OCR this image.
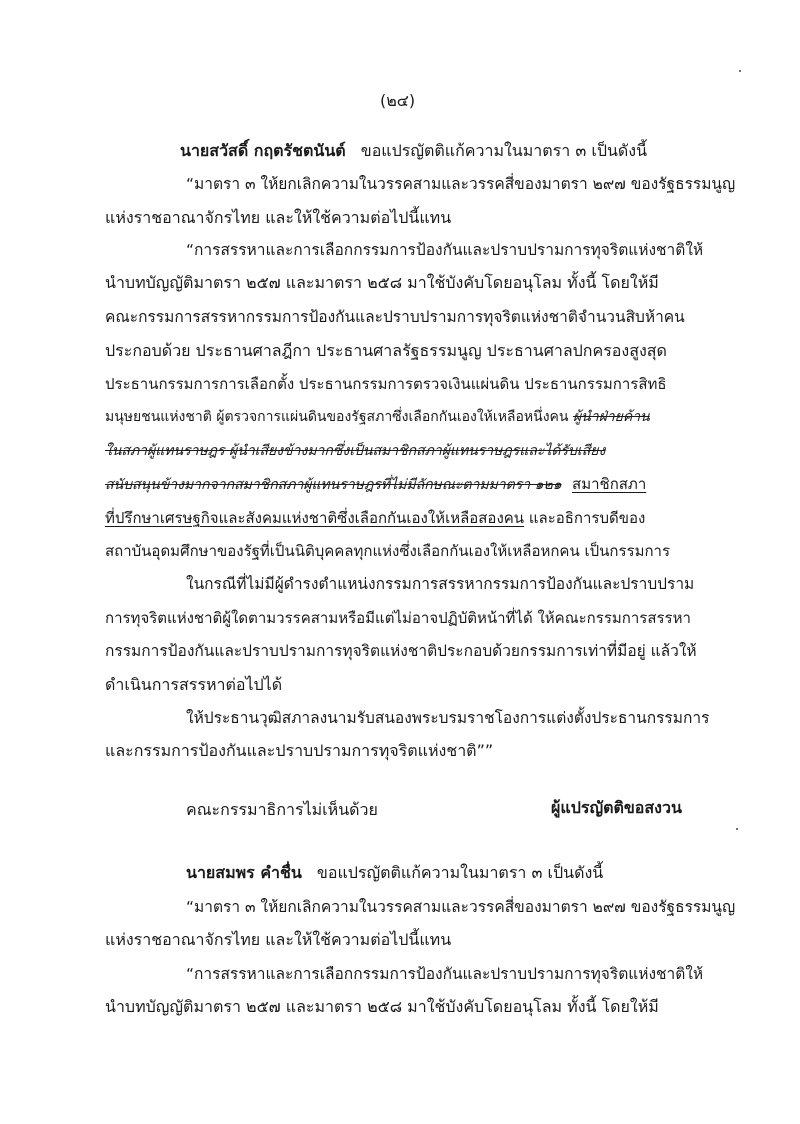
(๒๔)
นายสวัสดิ์ กฤตรัชตนันต์ ขอแปรญัตติแก้ความในมาตรา ๓ เป็นดังนี้
“มาตรา ๓ ให้ยกเลิกความในวรรคสามและวรรคสี่ของมาตรา ๒๙๗ ของรัฐธรรมนูญ
แห่งราชอาณาจักรไทย และให้ใช้ความต่อไปนี้แทน
“การสรรหาและการเลือกกรรมการป้องกันและปราบปรามการทุจริตแห่งชาติให้
นำบทบัญญัติมาตรา ๒๕๗ และมาตรา ๒๕๘ มาใช้บังคับโดยอนุโลม ทั้งนี้ โดยให้มี
คณะกรรมการสรรหากรรมการป้องกันและปราบปรามการทุจริตแห่งชาติจำนวนสิบห้าคน
ประกอบด้วย ประธานศาลฎีกา ประธานศาลรัฐธรรมนูญ ประธานศาลปกครองสูงสุด
ประธานกรรมการการเลือกตั้ง ประธานกรรมการตรวจเงินแผ่นดิน ประธานกรรมการสิทธิ
มนุษยชนแห่งชาติ ผู้ตรวจการแผ่นดินของรัฐสภาซึ่งเลือกกันเองให้เหลือหนึ่งคน ผู้นำฝ่ายค้าน
ในสภาผู้แทนราษฎร ผู้นำเสียงข้างมากซึ่งเป็นสมาชิกสภาผู้แทนราษฎรและได้รับเสียง
สนับสนุนข้างมากจากสมาชิกสภาผู้แทนราษฎรที่ไม่มีลักษณะตามมาตรา ๑๒๑ สมาชิกสภา
ที่ปรึกษาเศรษฐกิจและสังคมแห่งชาติซึ่งเลือกกันเองให้เหลือสองคน และอธิการบดีของ
สถาบันอุดมศึกษาของรัฐที่เป็นนิติบุคคลทุกแห่งซึ่งเลือกกันเองให้เหลือหกคน เป็นกรรมการ
ในกรณีที่ไม่มีผู้ดำรงตำแหน่งกรรมการสรรหากรรมการป้องกันและปราบปราม
การทุจริตแห่งชาติผู้ใดตามวรรคสามหรือมีแต่ไม่อาจปฏิบัติหน้าที่ได้ ให้คณะกรรมการสรรหา
กรรมการป้องกันและปราบปรามการทุจริตแห่งชาติประกอบด้วยกรรมการเท่าที่มีอยู่ แล้วให้
ดำเนินการสรรหาต่อไปได้
ให้ประธานวุฒิสภาลงนามรับสนองพระบรมราชโองการแต่งตั้งประธานกรรมการ
และกรรมการป้องกันและปราบปรามการทุจริตแห่งชาติ””
คณะกรรมาธิการไม่เห็นด้วย	ผู้แปรญัตติขอสงวน
นายสมพร คำชื่น ขอแปรญัตติแก้ความในมาตรา ๓ เป็นดังนี้
“มาตรา ๓ ให้ยกเลิกความในวรรคสามและวรรคสี่ของมาตรา ๒๙๗ ของรัฐธรรมนูญ
แห่งราชอาณาจักรไทย และให้ใช้ความต่อไปนี้แทน
“การสรรหาและการเลือกกรรมการป้องกันและปราบปรามการทุจริตแห่งชาติให้
นำบทบัญญัติมาตรา ๒๕๗ และมาตรา ๒๕๘ มาใช้บังคับโดยอนุโลม ทั้งนี้ โดยให้มี
